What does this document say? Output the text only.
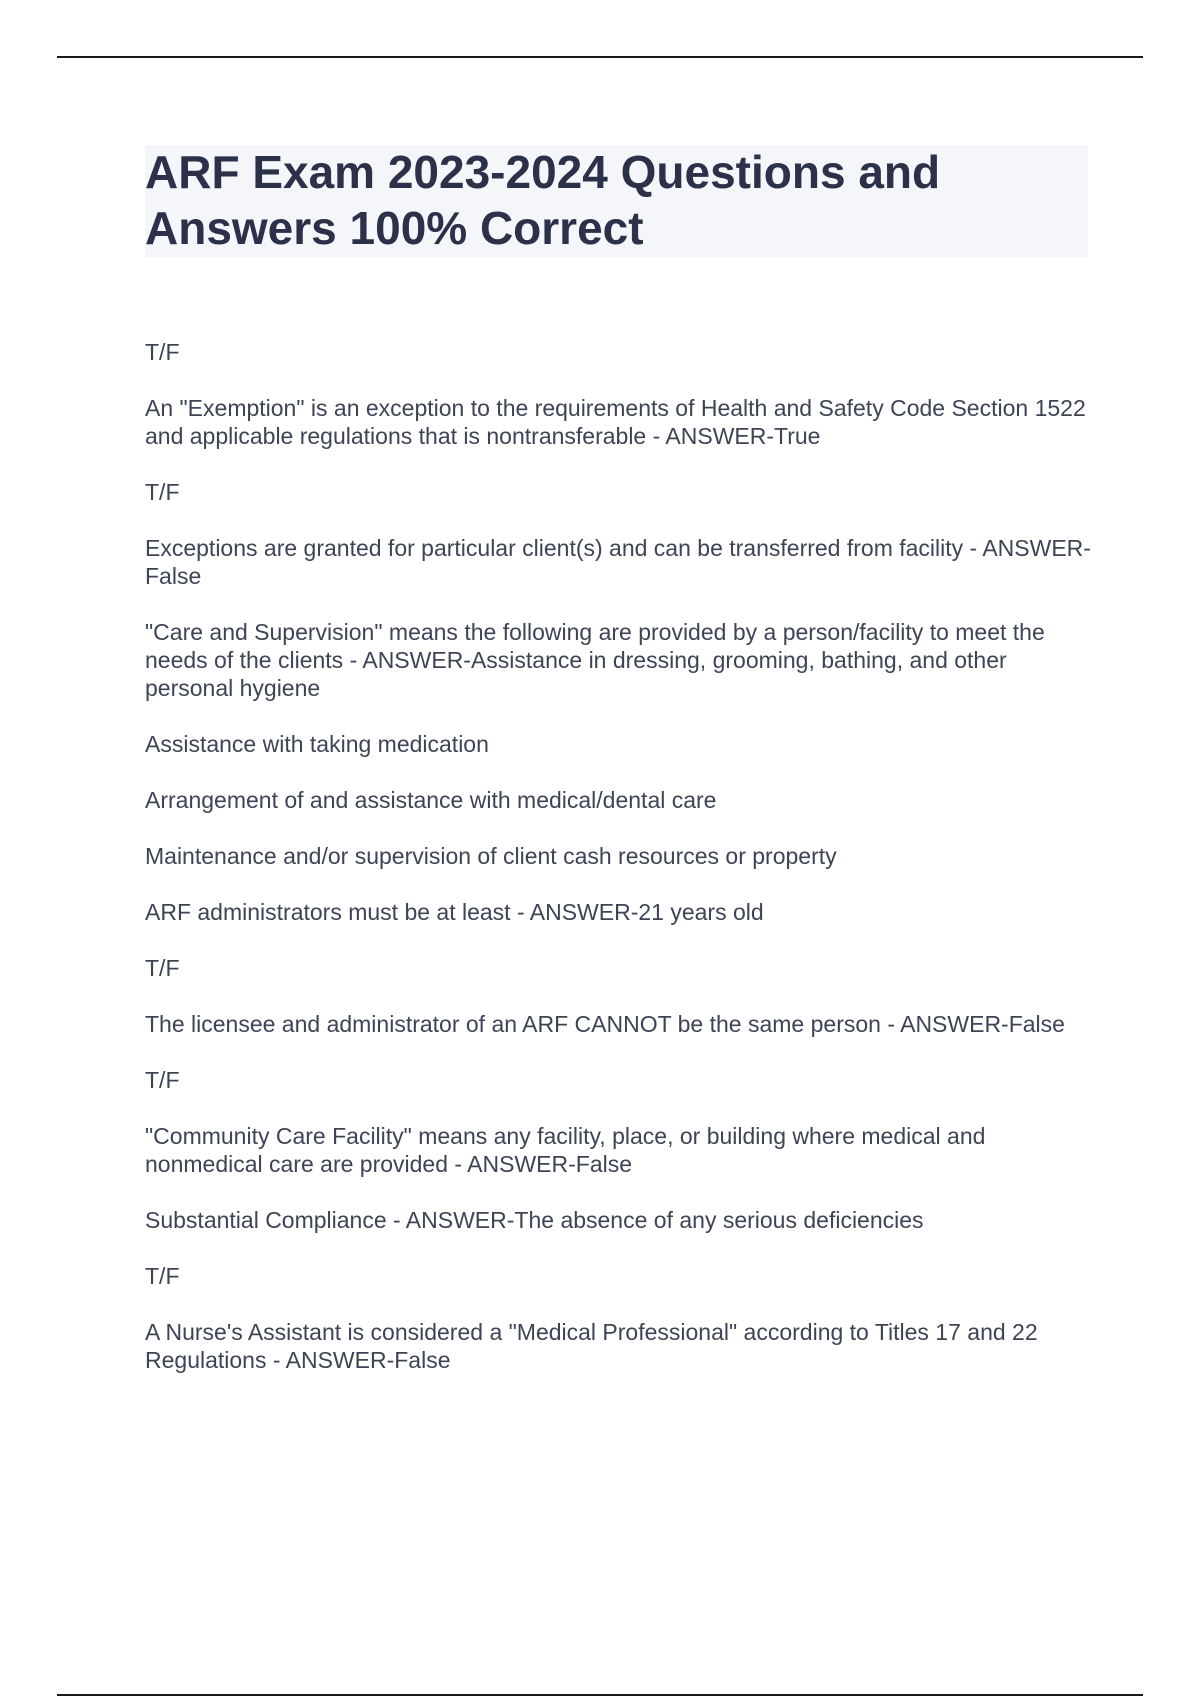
ARF Exam 2023-2024 Questions and Answers 100% Correct

T/F

An "Exemption" is an exception to the requirements of Health and Safety Code Section 1522 and applicable regulations that is nontransferable - ANSWER-True

T/F

Exceptions are granted for particular client(s) and can be transferred from facility - ANSWER-False

"Care and Supervision" means the following are provided by a person/facility to meet the needs of the clients - ANSWER-Assistance in dressing, grooming, bathing, and other personal hygiene

Assistance with taking medication

Arrangement of and assistance with medical/dental care

Maintenance and/or supervision of client cash resources or property

ARF administrators must be at least - ANSWER-21 years old

T/F

The licensee and administrator of an ARF CANNOT be the same person - ANSWER-False

T/F

"Community Care Facility" means any facility, place, or building where medical and nonmedical care are provided - ANSWER-False

Substantial Compliance - ANSWER-The absence of any serious deficiencies

T/F

A Nurse's Assistant is considered a "Medical Professional" according to Titles 17 and 22 Regulations - ANSWER-False
